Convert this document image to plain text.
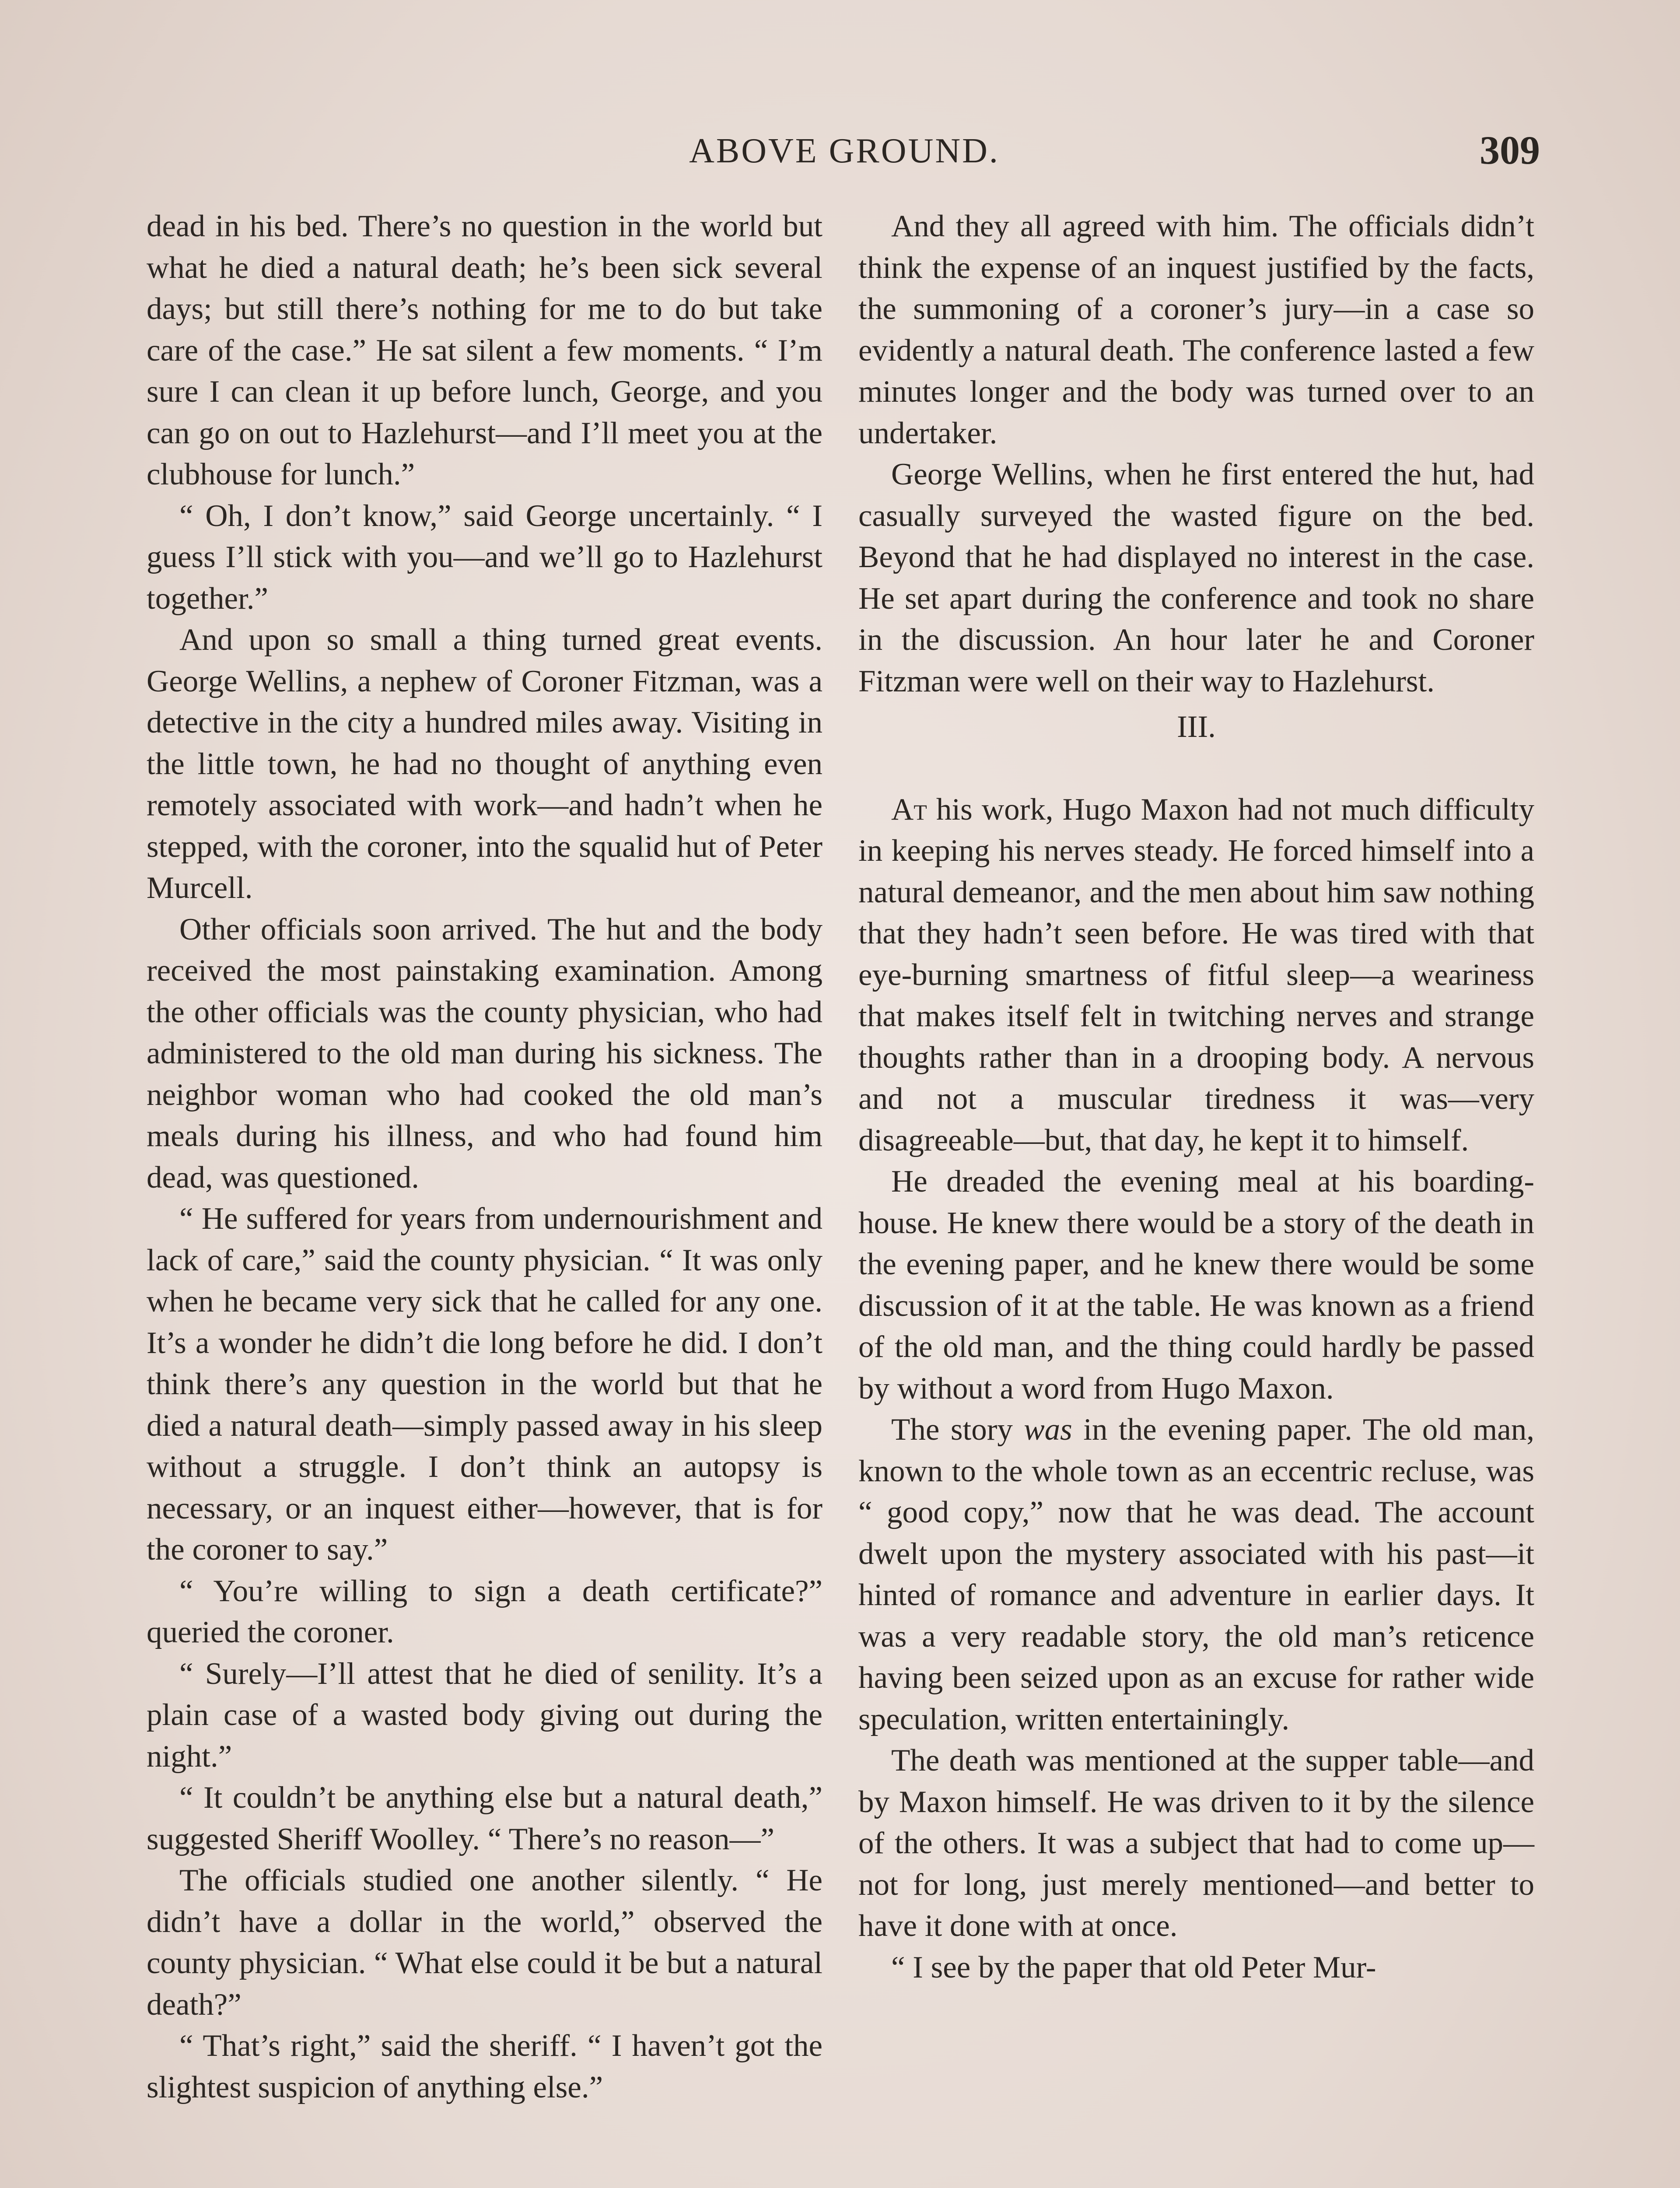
ABOVE GROUND.	309

dead in his bed. There’s no question in the world but what he died a natural death; he’s been sick several days; but still there’s nothing for me to do but take care of the case.” He sat silent a few moments. “ I’m sure I can clean it up before lunch, George, and you can go on out to Hazlehurst—and I’ll meet you at the clubhouse for lunch.”

“ Oh, I don’t know,” said George uncertainly. “ I guess I’ll stick with you—and we’ll go to Hazlehurst together.”

And upon so small a thing turned great events. George Wellins, a nephew of Coroner Fitzman, was a detective in the city a hundred miles away. Visiting in the little town, he had no thought of anything even remotely associated with work—and hadn’t when he stepped, with the coroner, into the squalid hut of Peter Murcell.

Other officials soon arrived. The hut and the body received the most painstaking examination. Among the other officials was the county physician, who had administered to the old man during his sickness. The neighbor woman who had cooked the old man’s meals during his illness, and who had found him dead, was questioned.

“ He suffered for years from undernourishment and lack of care,” said the county physician. “ It was only when he became very sick that he called for any one. It’s a wonder he didn’t die long before he did. I don’t think there’s any question in the world but that he died a natural death—simply passed away in his sleep without a struggle. I don’t think an autopsy is necessary, or an inquest either—however, that is for the coroner to say.”

“ You’re willing to sign a death certificate?” queried the coroner.

“ Surely—I’ll attest that he died of senility. It’s a plain case of a wasted body giving out during the night.”

“ It couldn’t be anything else but a natural death,” suggested Sheriff Woolley. “ There’s no reason—”

The officials studied one another silently. “ He didn’t have a dollar in the world,” observed the county physician. “ What else could it be but a natural death?”

“ That’s right,” said the sheriff. “ I haven’t got the slightest suspicion of anything else.”

And they all agreed with him. The officials didn’t think the expense of an inquest justified by the facts, the summoning of a coroner’s jury—in a case so evidently a natural death. The conference lasted a few minutes longer and the body was turned over to an undertaker.

George Wellins, when he first entered the hut, had casually surveyed the wasted figure on the bed. Beyond that he had displayed no interest in the case. He set apart during the conference and took no share in the discussion. An hour later he and Coroner Fitzman were well on their way to Hazlehurst.

III.

At his work, Hugo Maxon had not much difficulty in keeping his nerves steady. He forced himself into a natural demeanor, and the men about him saw nothing that they hadn’t seen before. He was tired with that eye-burning smartness of fitful sleep—a weariness that makes itself felt in twitching nerves and strange thoughts rather than in a drooping body. A nervous and not a muscular tiredness it was—very disagreeable—but, that day, he kept it to himself.

He dreaded the evening meal at his boarding-house. He knew there would be a story of the death in the evening paper, and he knew there would be some discussion of it at the table. He was known as a friend of the old man, and the thing could hardly be passed by without a word from Hugo Maxon.

The story was in the evening paper. The old man, known to the whole town as an eccentric recluse, was “ good copy,” now that he was dead. The account dwelt upon the mystery associated with his past—it hinted of romance and adventure in earlier days. It was a very readable story, the old man’s reticence having been seized upon as an excuse for rather wide speculation, written entertainingly.

The death was mentioned at the supper table—and by Maxon himself. He was driven to it by the silence of the others. It was a subject that had to come up—not for long, just merely mentioned—and better to have it done with at once.

“ I see by the paper that old Peter Mur-
